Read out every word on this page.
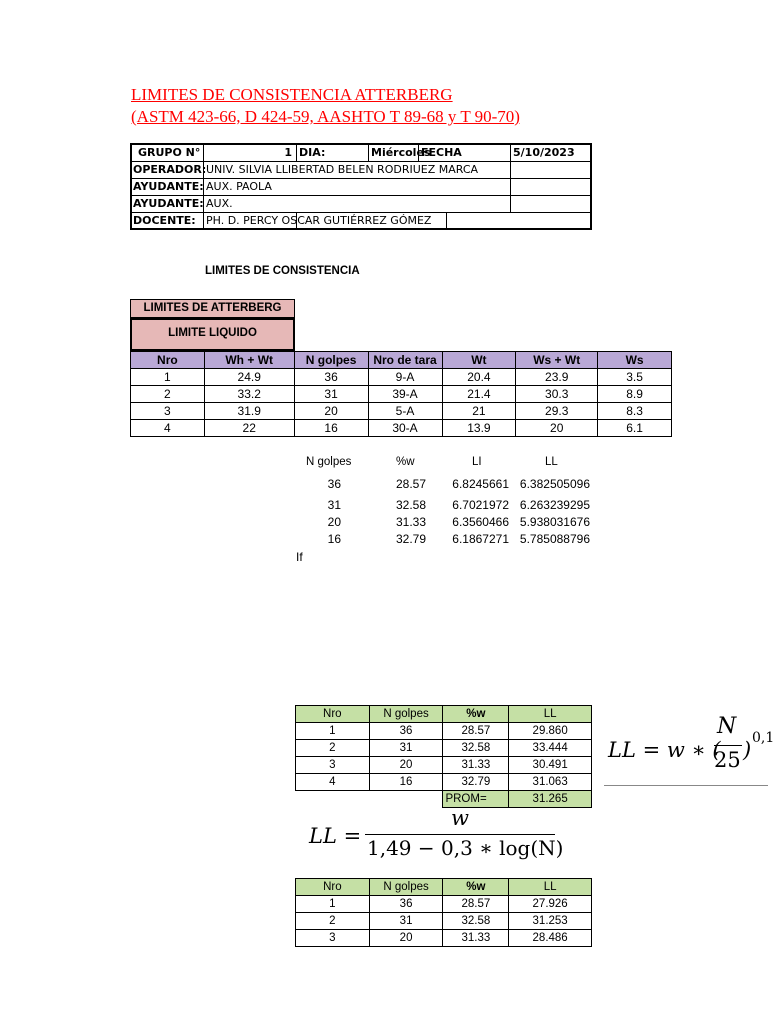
LIMITES DE CONSISTENCIA ATTERBERG
(ASTM 423-66, D 424-59, AASHTO T 89-68 y T 90-70)
GRUPO N°	1 DIA:	Miércoles
FECHA	5/10/2023
OPERADOR: UNIV. SILVIA LLIBERTAD BELEN RODRIUEZ MARCA
AYUDANTE: AUX. PAOLA
AYUDANTE: AUX.
DOCENTE: PH. D. PERCY OSCAR GUTIÉRREZ GÓMEZ
LIMITES DE CONSISTENCIA
LIMITES DE ATTERBERG
LIMITE LIQUIDO
Nro	Wh + Wt	N golpes	Nro de tara	Wt	Ws + Wt	Ws
1	24.9	36	9-A	20.4	23.9	3.5
2	33.2	31	39-A	21.4	30.3	8.9
3	31.9	20	5-A	21	29.3	8.3
4	22	16	30-A	13.9	20	6.1
N golpes	%w	LI	LL
36	28.57	6.8245661 6.382505096
31	32.58	6.7021972 6.263239295
20	31.33	6.3560466 5.938031676
16	32.79	6.1867271 5.785088796
If
Nro	N golpes	%w	LL
1	36	28.57	29.860
2	31	32.58	33.444
3	20	31.33	30.491
4	16	32.79	31.063
		PROM=	31.265
LL = w ∗ (
N
25 ) 0,1
LL =
w
1,49 − 0,3 ∗ log(N)
Nro	N golpes	%w	LL
1	36	28.57	27.926
2	31	32.58	31.253
3	20	31.33	28.486
